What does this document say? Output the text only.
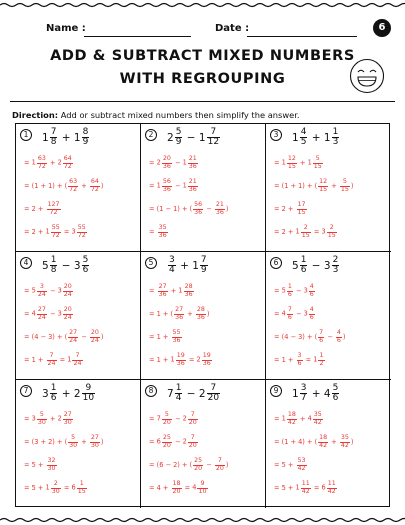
Name :	Date :	6
ADD & SUBTRACT MIXED NUMBERS
WITH REGROUPING
Direction: Add or subtract mixed numbers then simplify the answer.
1	$1 \frac{7}{8} + 1 \frac{8}{9}$
= $1 \frac{63}{72} + 2 \frac{64}{72}$
= (1 + 1) + ( $\frac{63}{72} + \frac{64}{72}$ )
= $2 + \frac{127}{72}$
= $2 + 1 \frac{55}{72} = 3 \frac{55}{72}$
2	$2 \frac{5}{9} - 1 \frac{7}{12}$
= $2 \frac{20}{36} - 1 \frac{21}{36}$
= $1 \frac{56}{36} - 1 \frac{21}{36}$
= (1 − 1) + ( $\frac{56}{36} - \frac{21}{36}$ )
= $\frac{35}{36}$
3	$1 \frac{4}{5} + 1 \frac{1}{3}$
= $1 \frac{12}{15} + 1 \frac{5}{15}$
= (1 + 1) + ( $\frac{12}{15} + \frac{5}{15}$ )
= $2 + \frac{17}{15}$
= $2 + 1 \frac{2}{15} = 3 \frac{2}{15}$
4	$5 \frac{1}{8} - 3 \frac{5}{6}$
= $5 \frac{3}{24} - 3 \frac{20}{24}$
= $4 \frac{27}{24} - 3 \frac{20}{24}$
= (4 − 3) + ( $\frac{27}{24} - \frac{20}{24}$ )
= $1 + \frac{7}{24} = 1 \frac{7}{24}$
5	$\frac{3}{4} + 1 \frac{7}{9}$
= $\frac{27}{36} + 1 \frac{28}{36}$
= 1 + ( $\frac{27}{36} + \frac{28}{36}$ )
= $1 + \frac{55}{36}$
= $1 + 1 \frac{19}{36} = 2 \frac{19}{36}$
6	$5 \frac{1}{6} - 3 \frac{2}{3}$
= $5 \frac{1}{6} - 3 \frac{4}{6}$
= $4 \frac{7}{6} - 3 \frac{4}{6}$
= (4 − 3) + ( $\frac{7}{6} - \frac{4}{6}$ )
= $1 + \frac{3}{6} = 1 \frac{1}{2}$
7	$3 \frac{1}{6} + 2 \frac{9}{10}$
= $3 \frac{5}{30} + 2 \frac{27}{30}$
= (3 + 2) + ( $\frac{5}{30} + \frac{27}{30}$ )
= $5 + \frac{32}{30}$
= $5 + 1 \frac{2}{30} = 6 \frac{1}{15}$
8	$7 \frac{1}{4} - 2 \frac{7}{20}$
= $7 \frac{5}{20} - 2 \frac{7}{20}$
= $6 \frac{25}{20} - 2 \frac{7}{20}$
= (6 − 2) + ( $\frac{25}{20} - \frac{7}{20}$ )
= $4 + \frac{18}{20} = 4 \frac{9}{10}$
9	$1 \frac{3}{7} + 4 \frac{5}{6}$
= $1 \frac{18}{42} + 4 \frac{35}{42}$
= (1 + 4) + ( $\frac{18}{42} + \frac{35}{42}$ )
= $5 + \frac{53}{42}$
= $5 + 1 \frac{11}{42} = 6 \frac{11}{42}$
